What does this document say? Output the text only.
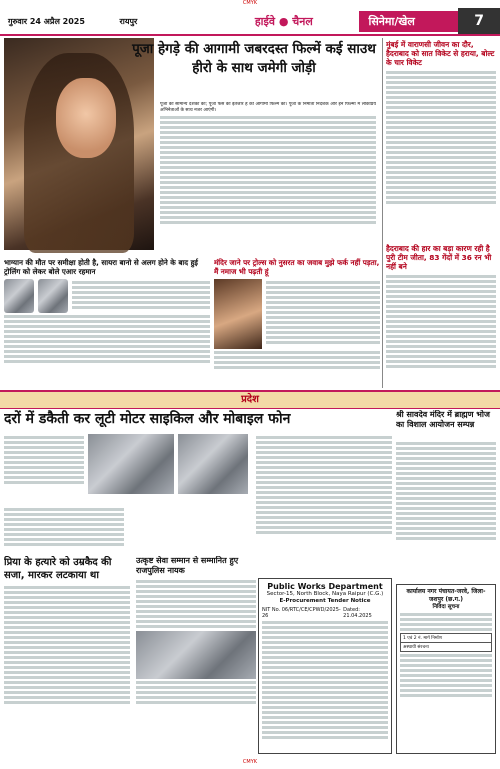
CMYK
गुरुवार 24 अप्रैल 2025	रायपुर	हाईवे ● चैनल	सिनेमा/खेल	7
पूजा हेगड़े की आगामी जबरदस्त फिल्में कई साउथ हीरो के साथ जमेगी जोड़ी
पूजा की सामान्य दर्शकों की; पूजा फैंस को इंतेजार है की आगामी फिल्म को। पूजा के निर्माता निर्देशक और इन फिल्मों में लोकप्रिय अभिनेताओं के साथ नजर आएंगी।
मुंबई में वाराणसी जीवन का दौर, हैदराबाद को सात विकेट से हराया, बोल्ट के चार विकेट
हैदराबाद की हार का बड़ा कारण रही है पुरी टीम जीता, 83 गेंदों में 36 रन भी नहीं बने
भाग्यान की मौत पर समीक्षा होती है, सायरा बानो से अलग होने के बाद हुई ट्रोलिंग को लेकर बोले एआर रहमान
मंदिर जाने पर ट्रोल्स को नुसरत का जवाब मुझे फर्क नहीं पड़ता, मैं नमाज भी पढ़ती हूं
प्रदेश
दरों में डकैती कर लूटी मोटर साइकिल और मोबाइल फोन
प्रिया के हत्यारे को उम्रकैद की सजा, मारकर लटकाया था
उत्कृष्ट सेवा सम्मान से सम्मानित हुए राजपुलिस नायक
Public Works Department
Sector-15, North Block, Naya Raipur (C.G.)
E-Procurement Tender Notice
NIT No. 06/RTC/CE/CPWD/2025-26
Dated: 21.04.2025
श्री सावदेव मंदिर में ब्राह्मण भोज का विशाल आयोजन सम्पन्न
कार्यालय नगर पंचायत-जरवे, जिला-जशपुर (छ.ग.)
निविदा सूचना
1 एवं 2 नं. मार्ग निर्माण
अस्थायी संरचना
CMYK
